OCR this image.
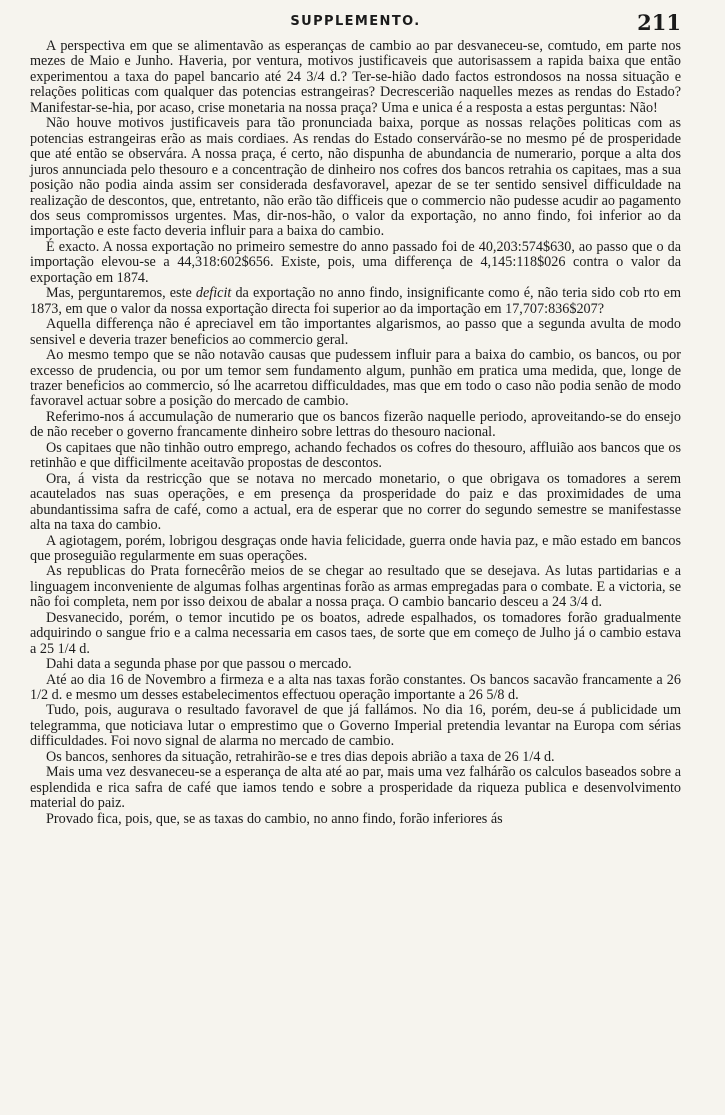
SUPPLEMENTO.	211

A perspectiva em que se alimentavão as esperanças de cambio ao par desvaneceu-se, comtudo, em parte nos mezes de Maio e Junho. Haveria, por ventura, motivos justificaveis que autorisassem a rapida baixa que então experimentou a taxa do papel bancario até 24 3/4 d.? Ter-se-hião dado factos estrondosos na nossa situação e relações politicas com qualquer das potencias estrangeiras? Decrescerião naquelles mezes as rendas do Estado? Manifestar-se-hia, por acaso, crise monetaria na nossa praça? Uma e unica é a resposta a estas perguntas: Não!

Não houve motivos justificaveis para tão pronunciada baixa, porque as nossas relações politicas com as potencias estrangeiras erão as mais cordiaes. As rendas do Estado conservárão-se no mesmo pé de prosperidade que até então se observára. A nossa praça, é certo, não dispunha de abundancia de numerario, porque a alta dos juros annunciada pelo thesouro e a concentração de dinheiro nos cofres dos bancos retrahia os capitaes, mas a sua posição não podia ainda assim ser considerada desfavoravel, apezar de se ter sentido sensivel difficuldade na realização de descontos, que, entretanto, não erão tão difficeis que o commercio não pudesse acudir ao pagamento dos seus compromissos urgentes. Mas, dir-nos-hão, o valor da exportação, no anno findo, foi inferior ao da importação e este facto deveria influir para a baixa do cambio.

É exacto. A nossa exportação no primeiro semestre do anno passado foi de 40,203:574$630, ao passo que o da importação elevou-se a 44,318:602$656. Existe, pois, uma differença de 4,145:118$026 contra o valor da exportação em 1874.

Mas, perguntaremos, este deficit da exportação no anno findo, insignificante como é, não teria sido cob rto em 1873, em que o valor da nossa exportação directa foi superior ao da importação em 17,707:836$207?

Aquella differença não é apreciavel em tão importantes algarismos, ao passo que a segunda avulta de modo sensivel e deveria trazer beneficios ao commercio geral.

Ao mesmo tempo que se não notavão causas que pudessem influir para a baixa do cambio, os bancos, ou por excesso de prudencia, ou por um temor sem fundamento algum, punhão em pratica uma medida, que, longe de trazer beneficios ao commercio, só lhe acarretou difficuldades, mas que em todo o caso não podia senão de modo favoravel actuar sobre a posição do mercado de cambio.

Referimo-nos á accumulação de numerario que os bancos fizerão naquelle periodo, aproveitando-se do ensejo de não receber o governo francamente dinheiro sobre lettras do thesouro nacional.

Os capitaes que não tinhão outro emprego, achando fechados os cofres do thesouro, affluião aos bancos que os retinhão e que difficilmente aceitavão propostas de descontos.

Ora, á vista da restricção que se notava no mercado monetario, o que obrigava os tomadores a serem acautelados nas suas operações, e em presença da prosperidade do paiz e das proximidades de uma abundantissima safra de café, como a actual, era de esperar que no correr do segundo semestre se manifestasse alta na taxa do cambio.

A agiotagem, porém, lobrigou desgraças onde havia felicidade, guerra onde havia paz, e mão estado em bancos que proseguião regularmente em suas operações.

As republicas do Prata fornecêrão meios de se chegar ao resultado que se desejava. As lutas partidarias e a linguagem inconveniente de algumas folhas argentinas forão as armas empregadas para o combate. E a victoria, se não foi completa, nem por isso deixou de abalar a nossa praça. O cambio bancario desceu a 24 3/4 d.

Desvanecido, porém, o temor incutido pe os boatos, adrede espalhados, os tomadores forão gradualmente adquirindo o sangue frio e a calma necessaria em casos taes, de sorte que em começo de Julho já o cambio estava a 25 1/4 d.

Dahi data a segunda phase por que passou o mercado.

Até ao dia 16 de Novembro a firmeza e a alta nas taxas forão constantes. Os bancos sacavão francamente a 26 1/2 d. e mesmo um desses estabelecimentos effectuou operação importante a 26 5/8 d.

Tudo, pois, augurava o resultado favoravel de que já fallámos. No dia 16, porém, deu-se á publicidade um telegramma, que noticiava lutar o emprestimo que o Governo Imperial pretendia levantar na Europa com sérias difficuldades. Foi novo signal de alarma no mercado de cambio.

Os bancos, senhores da situação, retrahirão-se e tres dias depois abrião a taxa de 26 1/4 d.

Mais uma vez desvaneceu-se a esperança de alta até ao par, mais uma vez falhárão os calculos baseados sobre a esplendida e rica safra de café que iamos tendo e sobre a prosperidade da riqueza publica e desenvolvimento material do paiz.

Provado fica, pois, que, se as taxas do cambio, no anno findo, forão inferiores ás
